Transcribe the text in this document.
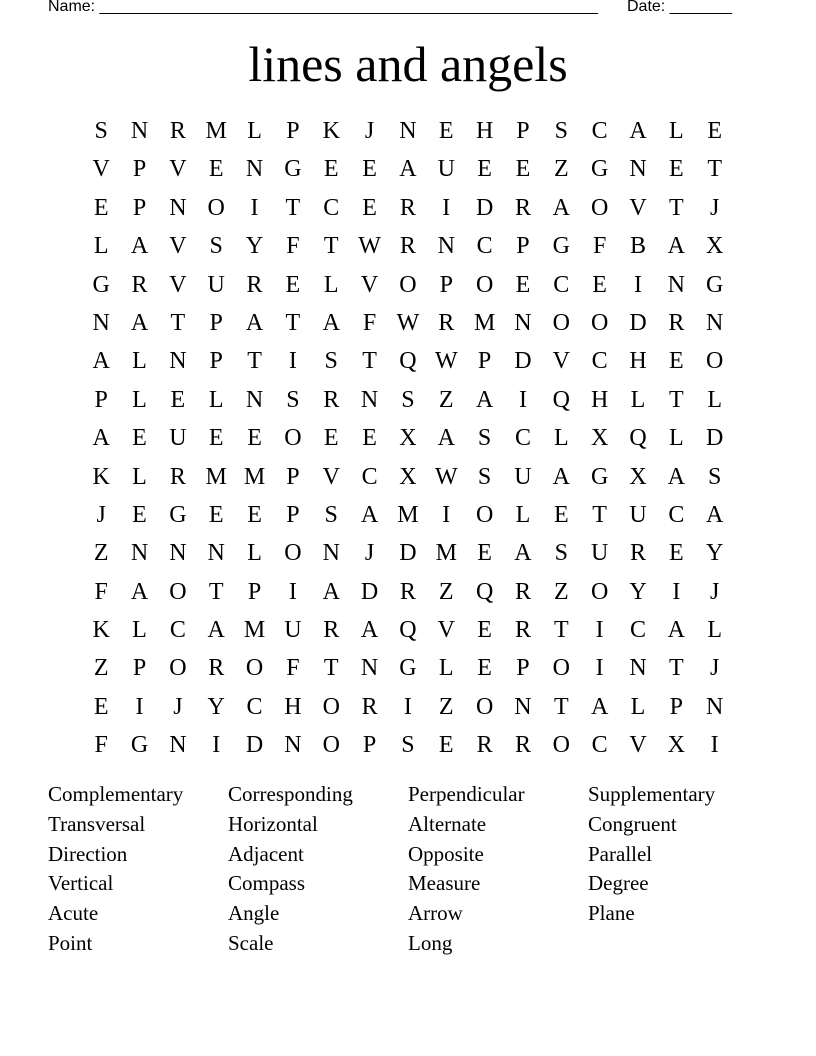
Name: ________________________________________________________ Date: _______
lines and angels
S N R M L	P K	J	N E H P	S C A L E
V P V E N G E E A U E E Z G N E T
E	P N O	I	T C E R	I	D R A O V T	J
L A V S Y F	T W R N C P G F B A X
G R V U R E L V O P O E C E	I	N G
N A T	P A T A F W R M N O O D R N
A L N P	T	I	S	T Q W P D V C H E O
P	L E L N S R N S	Z A	I	Q H L T L
A E U E E O E E X A S C L X Q L D
K L R M M P V C X W S U A G X A S
J	E G E E	P	S A M I	O L E T U C A
Z N N N L O N	J	D M E A S U R E Y
F A O T	P	I	A D R Z Q R Z O Y	I	J
K L C A M U R A Q V E R T	I	C A L
Z	P O R O F	T N G L E	P O	I	N T	J
E	I	J	Y C H O R	I	Z O N T A L	P N
F G N	I	D N O P	S	E R R O C V X	I
Complementary	Corresponding	Perpendicular	Supplementary
Transversal	Horizontal	Alternate	Congruent
Direction	Adjacent	Opposite	Parallel
Vertical	Compass	Measure	Degree
Acute	Angle	Arrow	Plane
Point	Scale	Long
